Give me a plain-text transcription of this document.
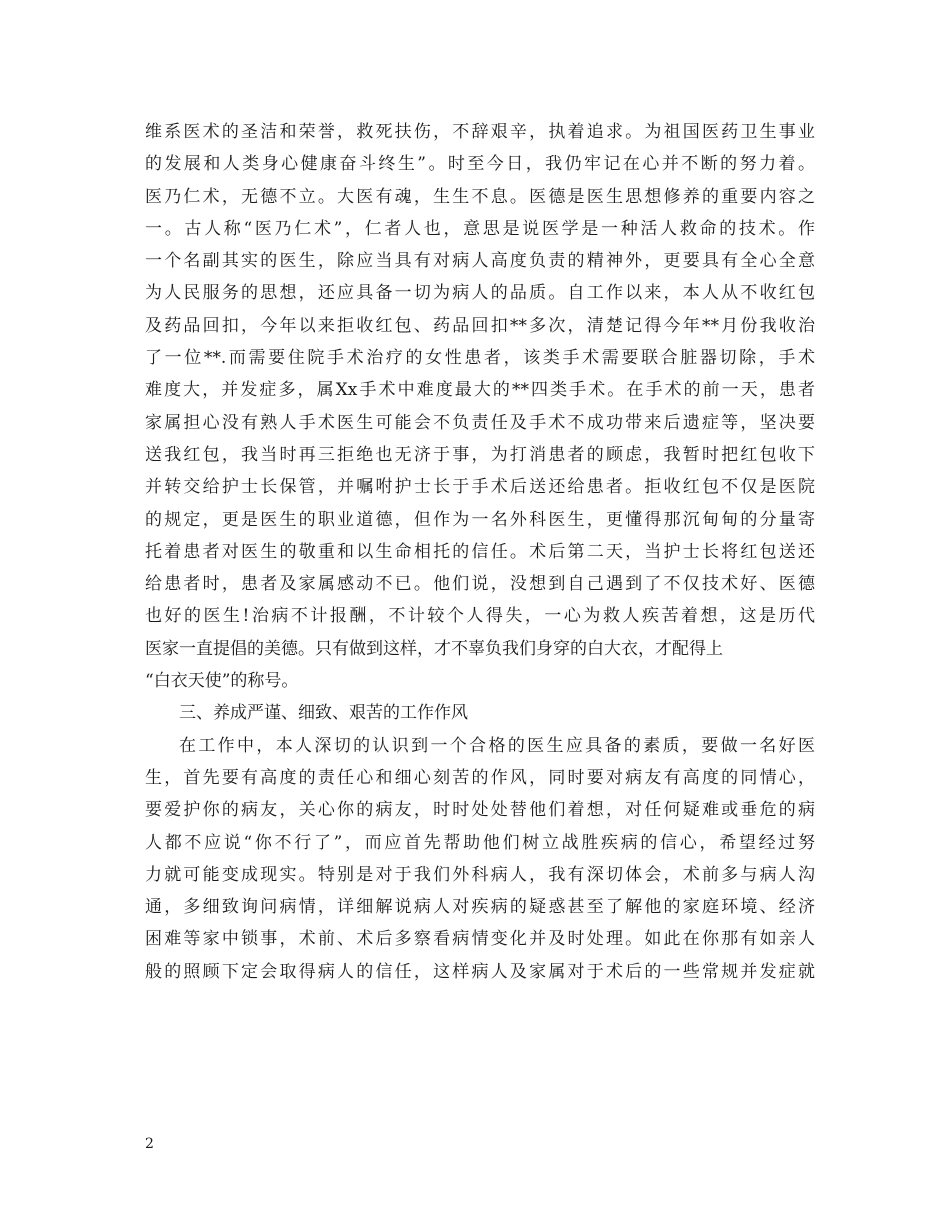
维系医术的圣洁和荣誉，救死扶伤，不辞艰辛，执着追求。为祖国医药卫生事业
的发展和人类身心健康奋斗终生”。时至今日，我仍牢记在心并不断的努力着。
医乃仁术，无德不立。大医有魂，生生不息。医德是医生思想修养的重要内容之
一。古人称“医乃仁术”，仁者人也，意思是说医学是一种活人救命的技术。作
一个名副其实的医生，除应当具有对病人高度负责的精神外，更要具有全心全意
为人民服务的思想，还应具备一切为病人的品质。自工作以来，本人从不收红包
及药品回扣，今年以来拒收红包、药品回扣**多次，清楚记得今年**月份我收治
了一位**.而需要住院手术治疗的女性患者，该类手术需要联合脏器切除，手术
难度大，并发症多，属Xx手术中难度最大的**四类手术。在手术的前一天，患者
家属担心没有熟人手术医生可能会不负责任及手术不成功带来后遗症等，坚决要
送我红包，我当时再三拒绝也无济于事，为打消患者的顾虑，我暂时把红包收下
并转交给护士长保管，并嘱咐护士长于手术后送还给患者。拒收红包不仅是医院
的规定，更是医生的职业道德，但作为一名外科医生，更懂得那沉甸甸的分量寄
托着患者对医生的敬重和以生命相托的信任。术后第二天，当护士长将红包送还
给患者时，患者及家属感动不已。他们说，没想到自己遇到了不仅技术好、医德
也好的医生!治病不计报酬，不计较个人得失，一心为救人疾苦着想，这是历代
医家一直提倡的美德。只有做到这样，才不辜负我们身穿的白大衣，才配得上
“白衣天使”的称号。
三、养成严谨、细致、艰苦的工作作风
在工作中，本人深切的认识到一个合格的医生应具备的素质，要做一名好医
生，首先要有高度的责任心和细心刻苦的作风，同时要对病友有高度的同情心，
要爱护你的病友，关心你的病友，时时处处替他们着想，对任何疑难或垂危的病
人都不应说“你不行了”，而应首先帮助他们树立战胜疾病的信心，希望经过努
力就可能变成现实。特别是对于我们外科病人，我有深切体会，术前多与病人沟
通，多细致询问病情，详细解说病人对疾病的疑惑甚至了解他的家庭环境、经济
困难等家中锁事，术前、术后多察看病情变化并及时处理。如此在你那有如亲人
般的照顾下定会取得病人的信任，这样病人及家属对于术后的一些常规并发症就
2
